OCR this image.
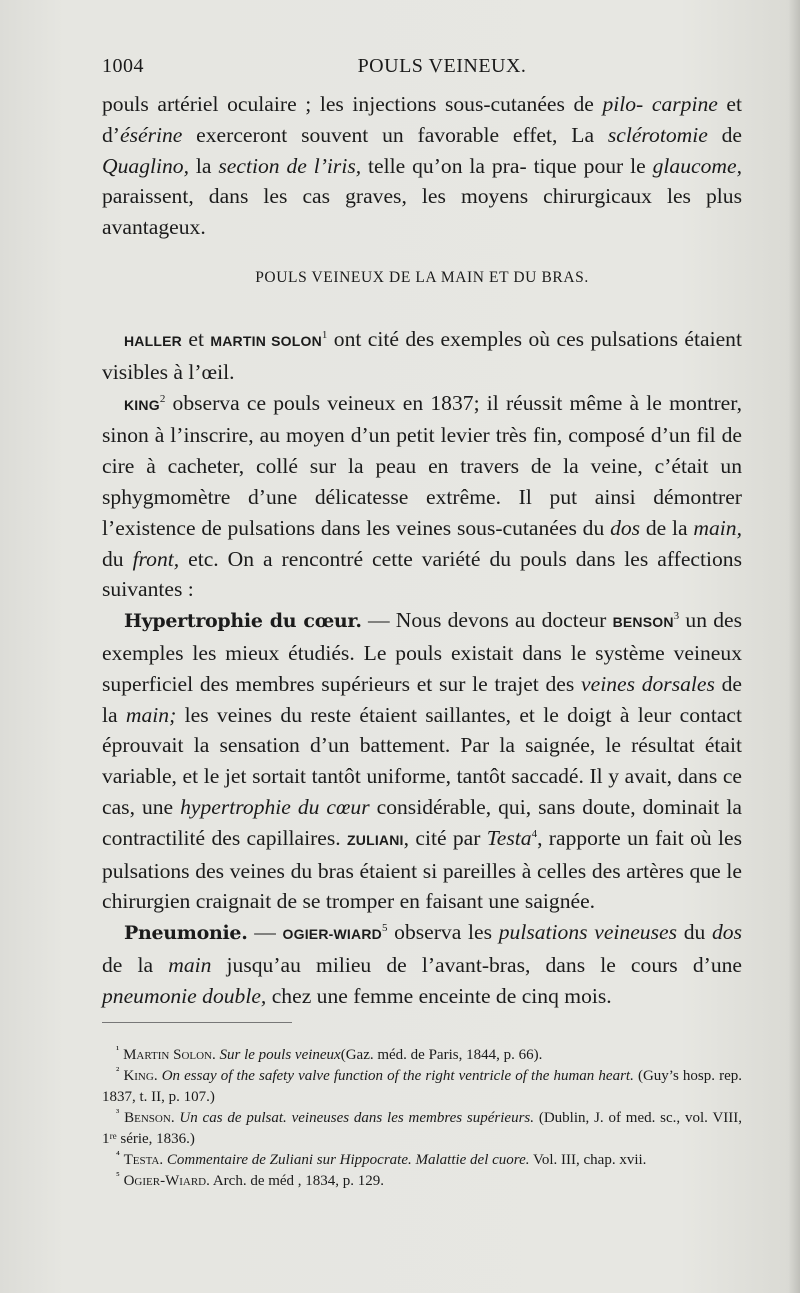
1004	POULS VEINEUX.

pouls artériel oculaire ; les injections sous-cutanées de pilo- carpine et d’ésérine exerceront souvent un favorable effet, La sclérotomie de Quaglino, la section de l’iris, telle qu’on la pra- tique pour le glaucome, paraissent, dans les cas graves, les moyens chirurgicaux les plus avantageux.

POULS VEINEUX DE LA MAIN ET DU BRAS.

HALLER et MARTIN SOLON$^1$ ont cité des exemples où ces pulsations étaient visibles à l’œil.

KING$^2$ observa ce pouls veineux en 1837; il réussit même à le montrer, sinon à l’inscrire, au moyen d’un petit levier très fin, composé d’un fil de cire à cacheter, collé sur la peau en travers de la veine, c’était un sphygmomètre d’une délicatesse extrême. Il put ainsi démontrer l’existence de pulsations dans les veines sous-cutanées du dos de la main, du front, etc. On a rencontré cette variété du pouls dans les affections suivantes :

Hypertrophie du cœur. — Nous devons au docteur BENSON$^3$ un des exemples les mieux étudiés. Le pouls existait dans le système veineux superficiel des membres supérieurs et sur le trajet des veines dorsales de la main; les veines du reste étaient saillantes, et le doigt à leur contact éprouvait la sensation d’un battement. Par la saignée, le résultat était variable, et le jet sortait tantôt uniforme, tantôt saccadé. Il y avait, dans ce cas, une hypertrophie du cœur considérable, qui, sans doute, dominait la contractilité des capillaires. ZULIANI, cité par Testa$^4$, rapporte un fait où les pulsations des veines du bras étaient si pareilles à celles des artères que le chirurgien craignait de se tromper en faisant une saignée.

Pneumonie. — OGIER-WIARD$^5$ observa les pulsations veineuses du dos de la main jusqu’au milieu de l’avant-bras, dans le cours d’une pneumonie double, chez une femme enceinte de cinq mois.

$^{^1}$ Martin Solon. Sur le pouls veineux(Gaz. méd. de Paris, 1844, p. 66).

$^{^2}$ King. On essay of the safety valve function of the right ventricle of the human heart. (Guy’s hosp. rep. 1837, t. II, p. 107.)

$^{^3}$ Benson. Un cas de pulsat. veineuses dans les membres supérieurs. (Dublin, J. of med. sc., vol. VIII, 1ʳᵉ série, 1836.)

$^{^4}$ Testa. Commentaire de Zuliani sur Hippocrate. Malattie del cuore. Vol. III, chap. xvii.

$^{^5}$ Ogier-Wiard. Arch. de méd , 1834, p. 129.
